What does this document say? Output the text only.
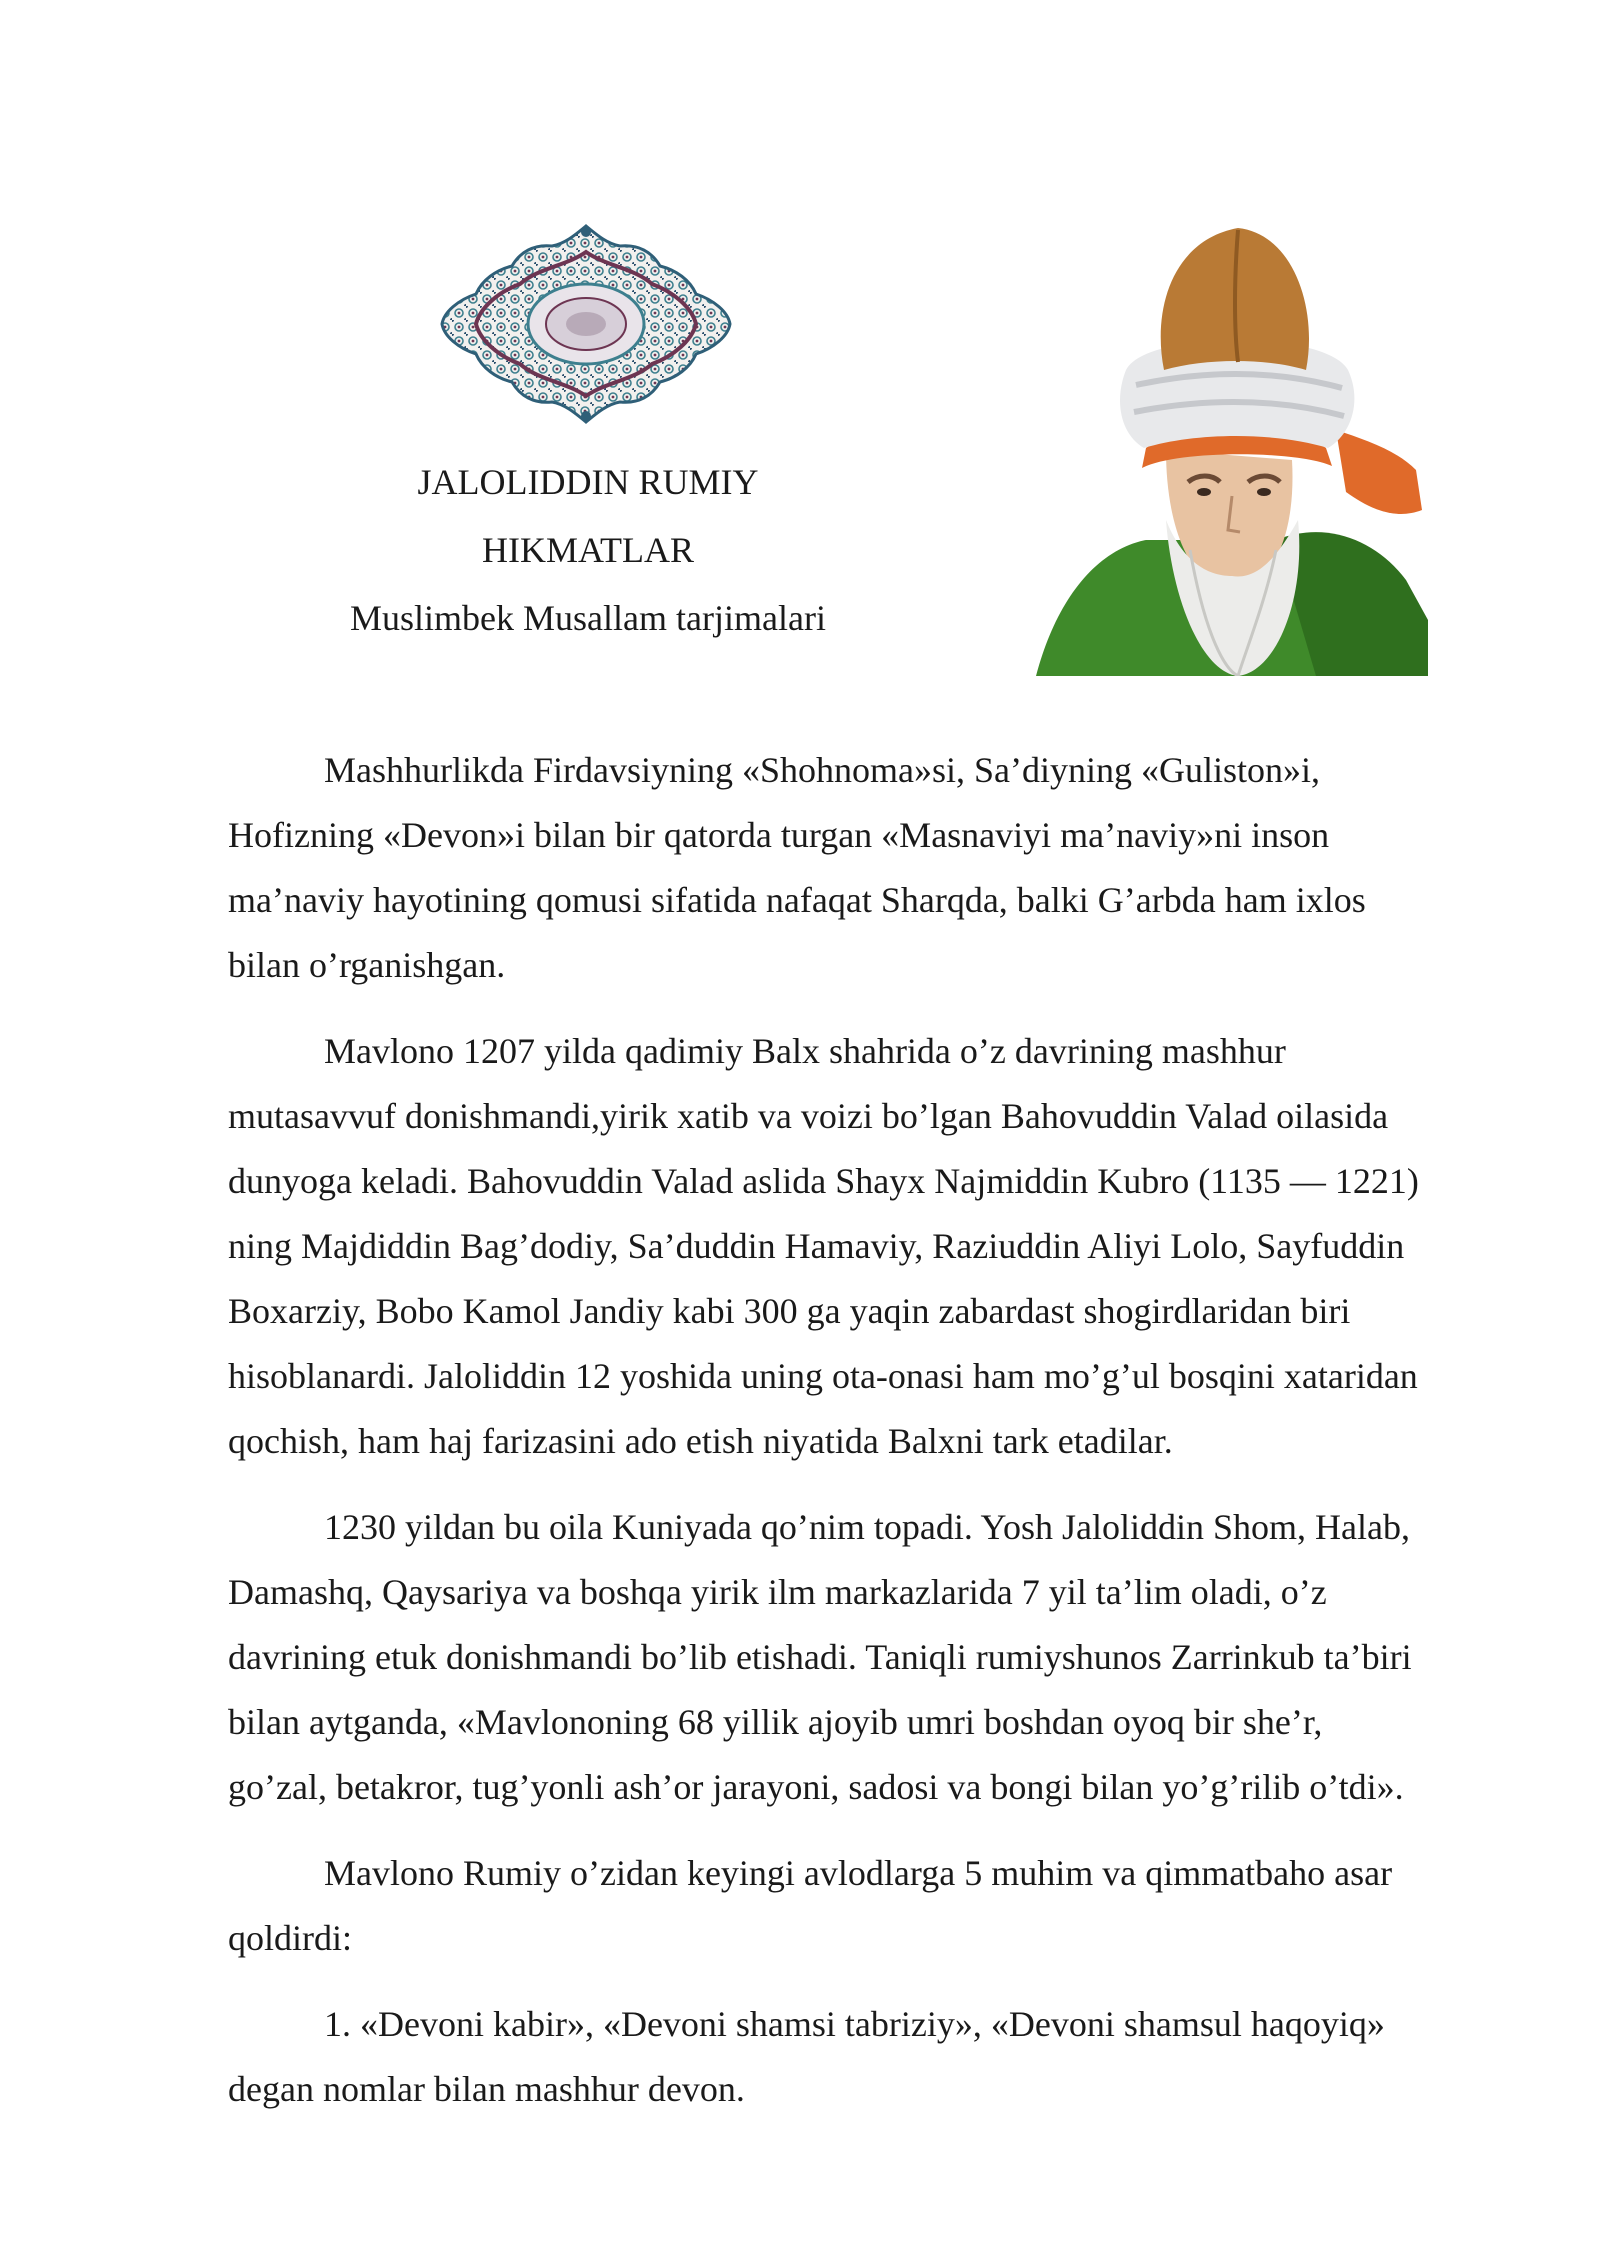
JALOLIDDIN RUMIY
HIKMATLAR
Muslimbek Musallam tarjimalari

Mashhurlikda Firdavsiyning «Shohnoma»si, Sa’diyning «Guliston»i,
Hofizning «Devon»i bilan bir qatorda turgan «Masnaviyi ma’naviy»ni inson
ma’naviy hayotining qomusi sifatida nafaqat Sharqda, balki G’arbda ham ixlos
bilan o’rganishgan.

Mavlono 1207 yilda qadimiy Balx shahrida o’z davrining mashhur
mutasavvuf donishmandi,yirik xatib va voizi bo’lgan Bahovuddin Valad oilasida
dunyoga keladi. Bahovuddin Valad aslida Shayx Najmiddin Kubro (1135 — 1221)
ning Majdiddin Bag’dodiy, Sa’duddin Hamaviy, Raziuddin Aliyi Lolo, Sayfuddin
Boxarziy, Bobo Kamol Jandiy kabi 300 ga yaqin zabardast shogirdlaridan biri
hisoblanardi. Jaloliddin 12 yoshida uning ota-onasi ham mo’g’ul bosqini xataridan
qochish, ham haj farizasini ado etish niyatida Balxni tark etadilar.

1230 yildan bu oila Kuniyada qo’nim topadi. Yosh Jaloliddin Shom, Halab,
Damashq, Qaysariya va boshqa yirik ilm markazlarida 7 yil ta’lim oladi, o’z
davrining etuk donishmandi bo’lib etishadi. Taniqli rumiyshunos Zarrinkub ta’biri
bilan aytganda, «Mavlononing 68 yillik ajoyib umri boshdan oyoq bir she’r,
go’zal, betakror, tug’yonli ash’or jarayoni, sadosi va bongi bilan yo’g’rilib o’tdi».

Mavlono Rumiy o’zidan keyingi avlodlarga 5 muhim va qimmatbaho asar
qoldirdi:

1. «Devoni kabir», «Devoni shamsi tabriziy», «Devoni shamsul haqoyiq»
degan nomlar bilan mashhur devon.
